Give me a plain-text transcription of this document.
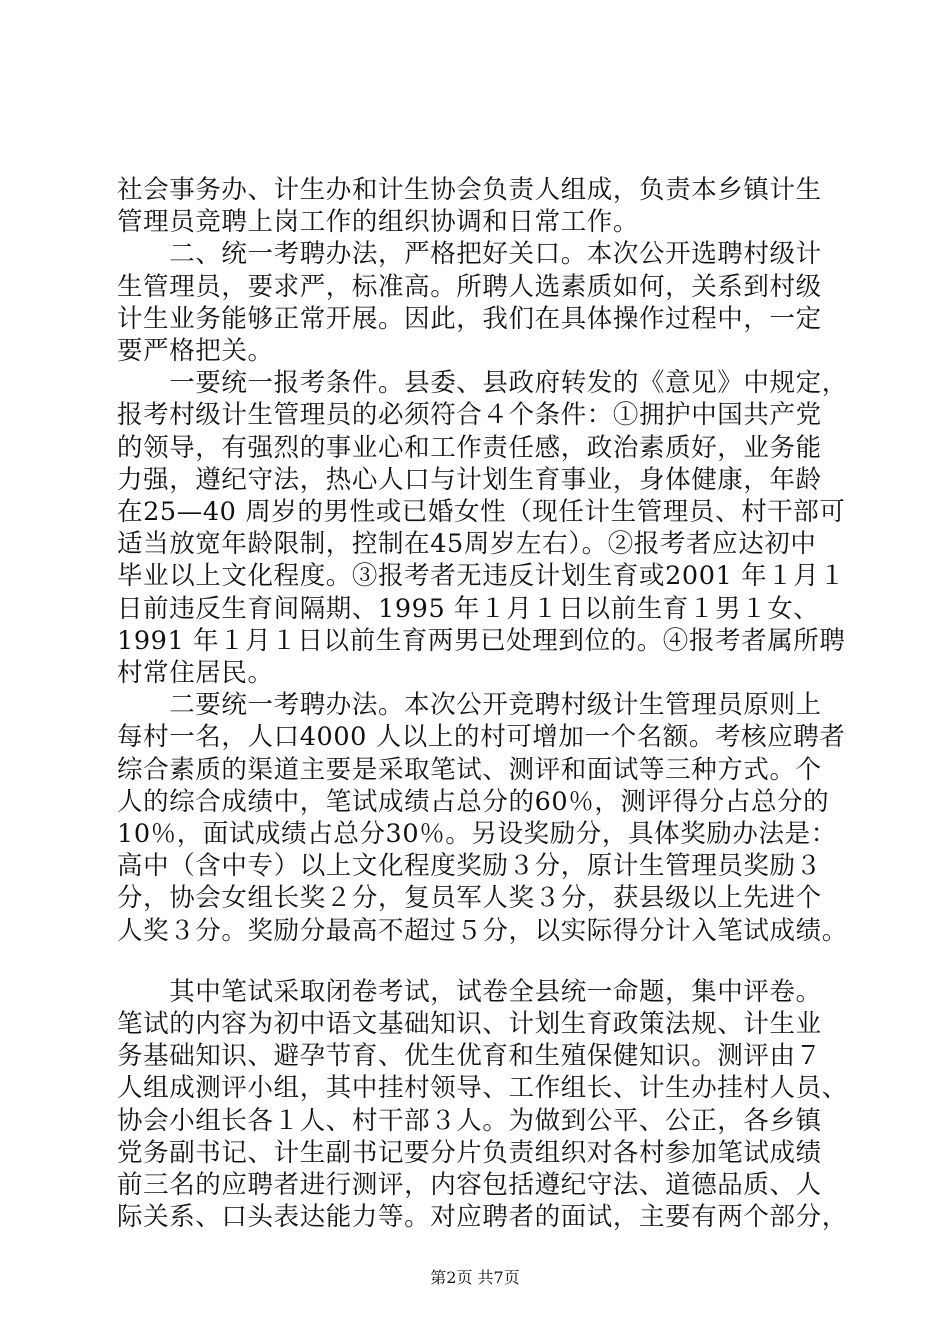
社会事务办、计生办和计生协会负责人组成，负责本乡镇计生
管理员竞聘上岗工作的组织协调和日常工作。
　　二、统一考聘办法，严格把好关口。本次公开选聘村级计
生管理员，要求严，标准高。所聘人选素质如何，关系到村级
计生业务能够正常开展。因此，我们在具体操作过程中，一定
要严格把关。
　　一要统一报考条件。县委、县政府转发的《意见》中规定，
报考村级计生管理员的必须符合４个条件：①拥护中国共产党
的领导，有强烈的事业心和工作责任感，政治素质好，业务能
力强，遵纪守法，热心人口与计划生育事业，身体健康，年龄
在25—40 周岁的男性或已婚女性（现任计生管理员、村干部可
适当放宽年龄限制，控制在45周岁左右）。②报考者应达初中
毕业以上文化程度。③报考者无违反计划生育或2001 年１月１
日前违反生育间隔期、1995 年１月１日以前生育１男１女、
1991 年１月１日以前生育两男已处理到位的。④报考者属所聘
村常住居民。
　　二要统一考聘办法。本次公开竞聘村级计生管理员原则上
每村一名，人口4000 人以上的村可增加一个名额。考核应聘者
综合素质的渠道主要是采取笔试、测评和面试等三种方式。个
人的综合成绩中，笔试成绩占总分的60％，测评得分占总分的
10％，面试成绩占总分30％。另设奖励分，具体奖励办法是：
高中（含中专）以上文化程度奖励３分，原计生管理员奖励３
分，协会女组长奖２分，复员军人奖３分，获县级以上先进个
人奖３分。奖励分最高不超过５分，以实际得分计入笔试成绩。
　　其中笔试采取闭卷考试，试卷全县统一命题，集中评卷。
笔试的内容为初中语文基础知识、计划生育政策法规、计生业
务基础知识、避孕节育、优生优育和生殖保健知识。测评由７
人组成测评小组，其中挂村领导、工作组长、计生办挂村人员、
协会小组长各１人、村干部３人。为做到公平、公正，各乡镇
党务副书记、计生副书记要分片负责组织对各村参加笔试成绩
前三名的应聘者进行测评，内容包括遵纪守法、道德品质、人
际关系、口头表达能力等。对应聘者的面试，主要有两个部分，
第2页 共7页
